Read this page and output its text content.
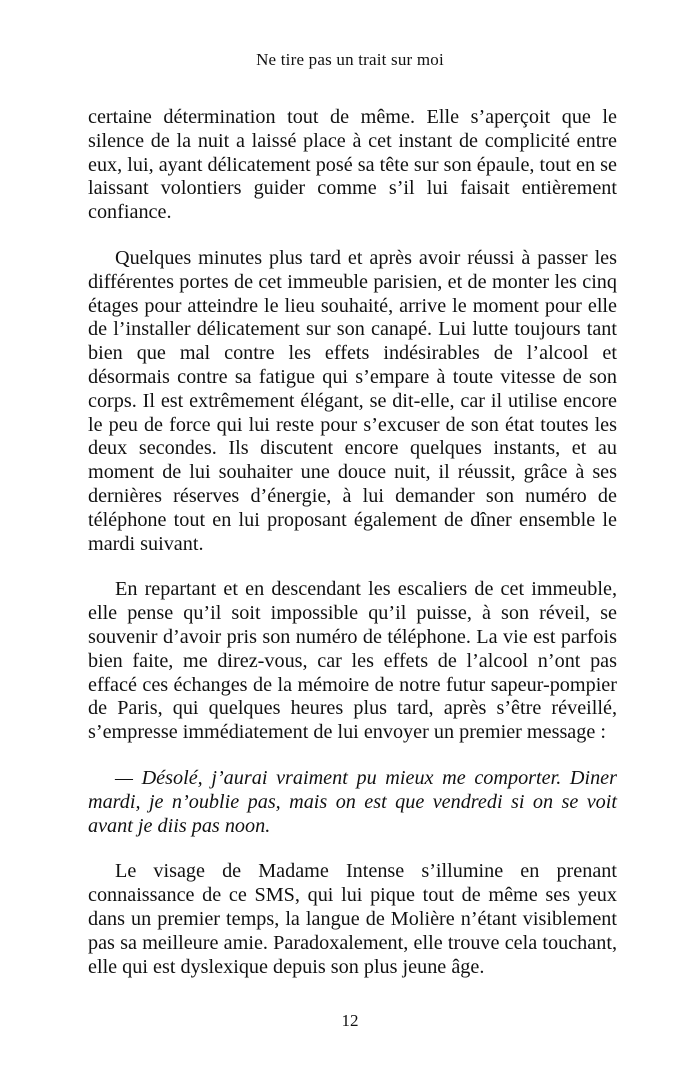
Ne tire pas un trait sur moi

certaine détermination tout de même. Elle s’aperçoit que le silence de la nuit a laissé place à cet instant de complicité entre eux, lui, ayant délicatement posé sa tête sur son épaule, tout en se laissant volontiers guider comme s’il lui faisait entièrement confiance.

Quelques minutes plus tard et après avoir réussi à passer les différentes portes de cet immeuble parisien, et de monter les cinq étages pour atteindre le lieu souhaité, arrive le moment pour elle de l’installer délicatement sur son canapé. Lui lutte toujours tant bien que mal contre les effets indésirables de l’alcool et désormais contre sa fatigue qui s’empare à toute vitesse de son corps. Il est extrêmement élégant, se dit-elle, car il utilise encore le peu de force qui lui reste pour s’excuser de son état toutes les deux secondes. Ils discutent encore quelques instants, et au moment de lui souhaiter une douce nuit, il réussit, grâce à ses dernières réserves d’énergie, à lui demander son numéro de téléphone tout en lui proposant également de dîner ensemble le mardi suivant.

En repartant et en descendant les escaliers de cet immeuble, elle pense qu’il soit impossible qu’il puisse, à son réveil, se souvenir d’avoir pris son numéro de téléphone. La vie est parfois bien faite, me direz-vous, car les effets de l’alcool n’ont pas effacé ces échanges de la mémoire de notre futur sapeur-pompier de Paris, qui quelques heures plus tard, après s’être réveillé, s’empresse immédiatement de lui envoyer un premier message :

— Désolé, j’aurai vraiment pu mieux me comporter. Diner mardi, je n’oublie pas, mais on est que vendredi si on se voit avant je diis pas noon.

Le visage de Madame Intense s’illumine en prenant connaissance de ce SMS, qui lui pique tout de même ses yeux dans un premier temps, la langue de Molière n’étant visiblement pas sa meilleure amie. Paradoxalement, elle trouve cela touchant, elle qui est dyslexique depuis son plus jeune âge.

12
